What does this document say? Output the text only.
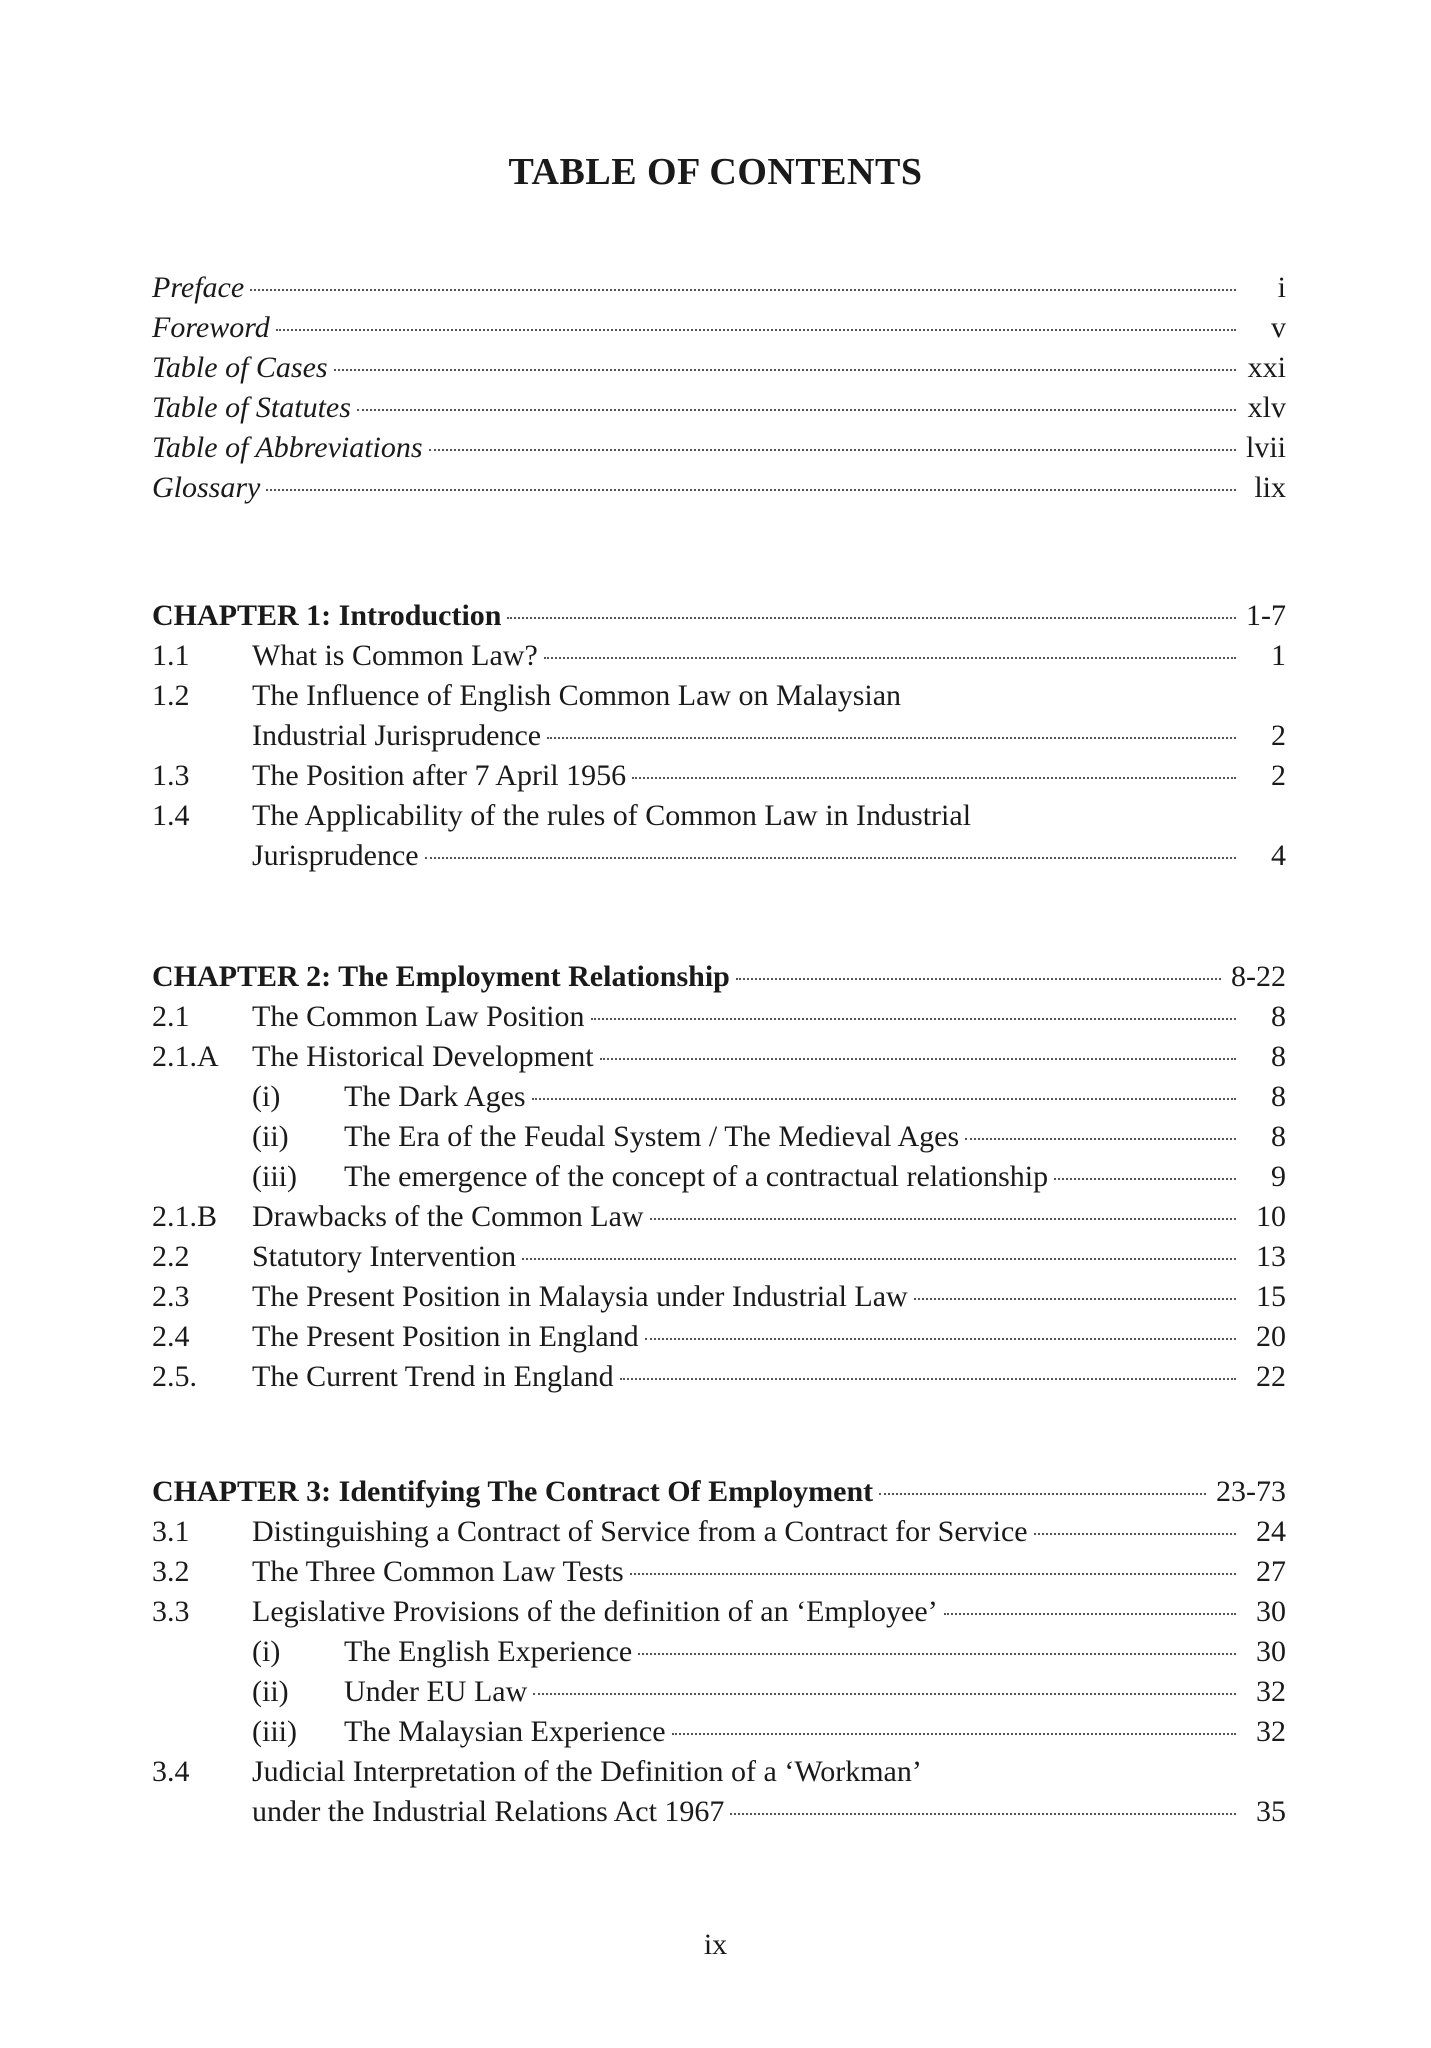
TABLE OF CONTENTS
Preface	i
Foreword	v
Table of Cases	xxi
Table of Statutes	xlv
Table of Abbreviations	lvii
Glossary	lix
CHAPTER 1: Introduction	1-7
1.1	What is Common Law?	1
1.2	The Influence of English Common Law on Malaysian
Industrial Jurisprudence	2
1.3	The Position after 7 April 1956	2
1.4	The Applicability of the rules of Common Law in Industrial
Jurisprudence	4
CHAPTER 2: The Employment Relationship	8-22
2.1	The Common Law Position	8
2.1.A	The Historical Development	8
(i)	The Dark Ages	8
(ii)	The Era of the Feudal System / The Medieval Ages	8
(iii)	The emergence of the concept of a contractual relationship	9
2.1.B	Drawbacks of the Common Law	10
2.2	Statutory Intervention	13
2.3	The Present Position in Malaysia under Industrial Law	15
2.4	The Present Position in England	20
2.5.	The Current Trend in England	22
CHAPTER 3: Identifying The Contract Of Employment	23-73
3.1	Distinguishing a Contract of Service from a Contract for Service	24
3.2	The Three Common Law Tests	27
3.3	Legislative Provisions of the definition of an ‘Employee’	30
(i)	The English Experience	30
(ii)	Under EU Law	32
(iii)	The Malaysian Experience	32
3.4	Judicial Interpretation of the Definition of a ‘Workman’
under the Industrial Relations Act 1967	35
ix
